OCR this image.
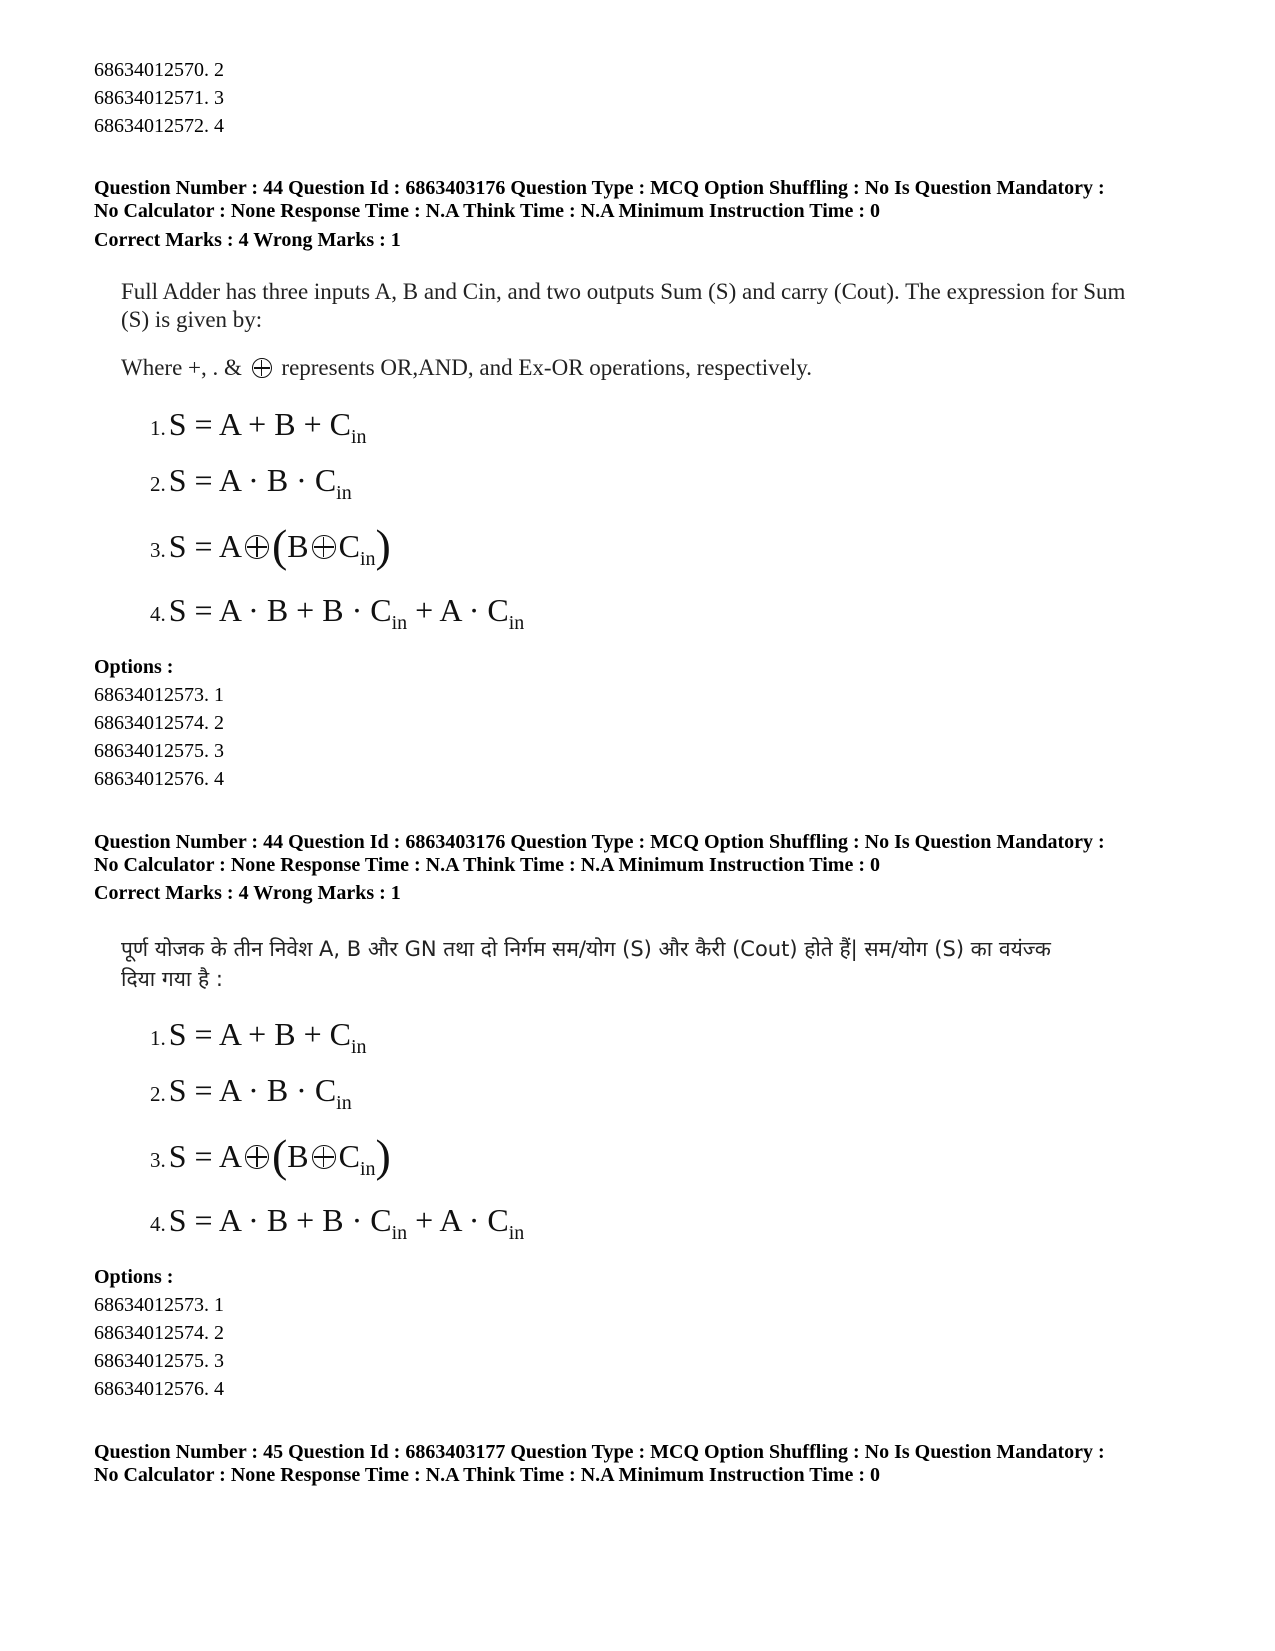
68634012570. 2
68634012571. 3
68634012572. 4
Question Number : 44 Question Id : 6863403176 Question Type : MCQ Option Shuffling : No Is Question Mandatory :
No Calculator : None Response Time : N.A Think Time : N.A Minimum Instruction Time : 0
Correct Marks : 4 Wrong Marks : 1
Full Adder has three inputs A, B and Cin, and two outputs Sum (S) and carry (Cout). The expression for Sum
(S) is given by:
Where +, . & represents OR,AND, and Ex-OR operations, respectively.
$1.S = A + B + C_{in}$
$2.S = A \cdot B \cdot C_{in}$
3.S = A (B $C_{in}$)
$4.S = A \cdot B + B \cdot C_{in} + A \cdot C_{in}$
Options :
68634012573. 1
68634012574. 2
68634012575. 3
68634012576. 4
Question Number : 44 Question Id : 6863403176 Question Type : MCQ Option Shuffling : No Is Question Mandatory :
No Calculator : None Response Time : N.A Think Time : N.A Minimum Instruction Time : 0
Correct Marks : 4 Wrong Marks : 1
पूर्ण योजक के तीन निवेश A, B और GN तथा दो निर्गम सम/योग (S) और कैरी (Cout) होते हैं| सम/योग (S) का वयंज्क
दिया गया है :
$1.S = A + B + C_{in}$
$2.S = A \cdot B \cdot C_{in}$
3.S = A (B $C_{in}$)
$4.S = A \cdot B + B \cdot C_{in} + A \cdot C_{in}$
Options :
68634012573. 1
68634012574. 2
68634012575. 3
68634012576. 4
Question Number : 45 Question Id : 6863403177 Question Type : MCQ Option Shuffling : No Is Question Mandatory :
No Calculator : None Response Time : N.A Think Time : N.A Minimum Instruction Time : 0
